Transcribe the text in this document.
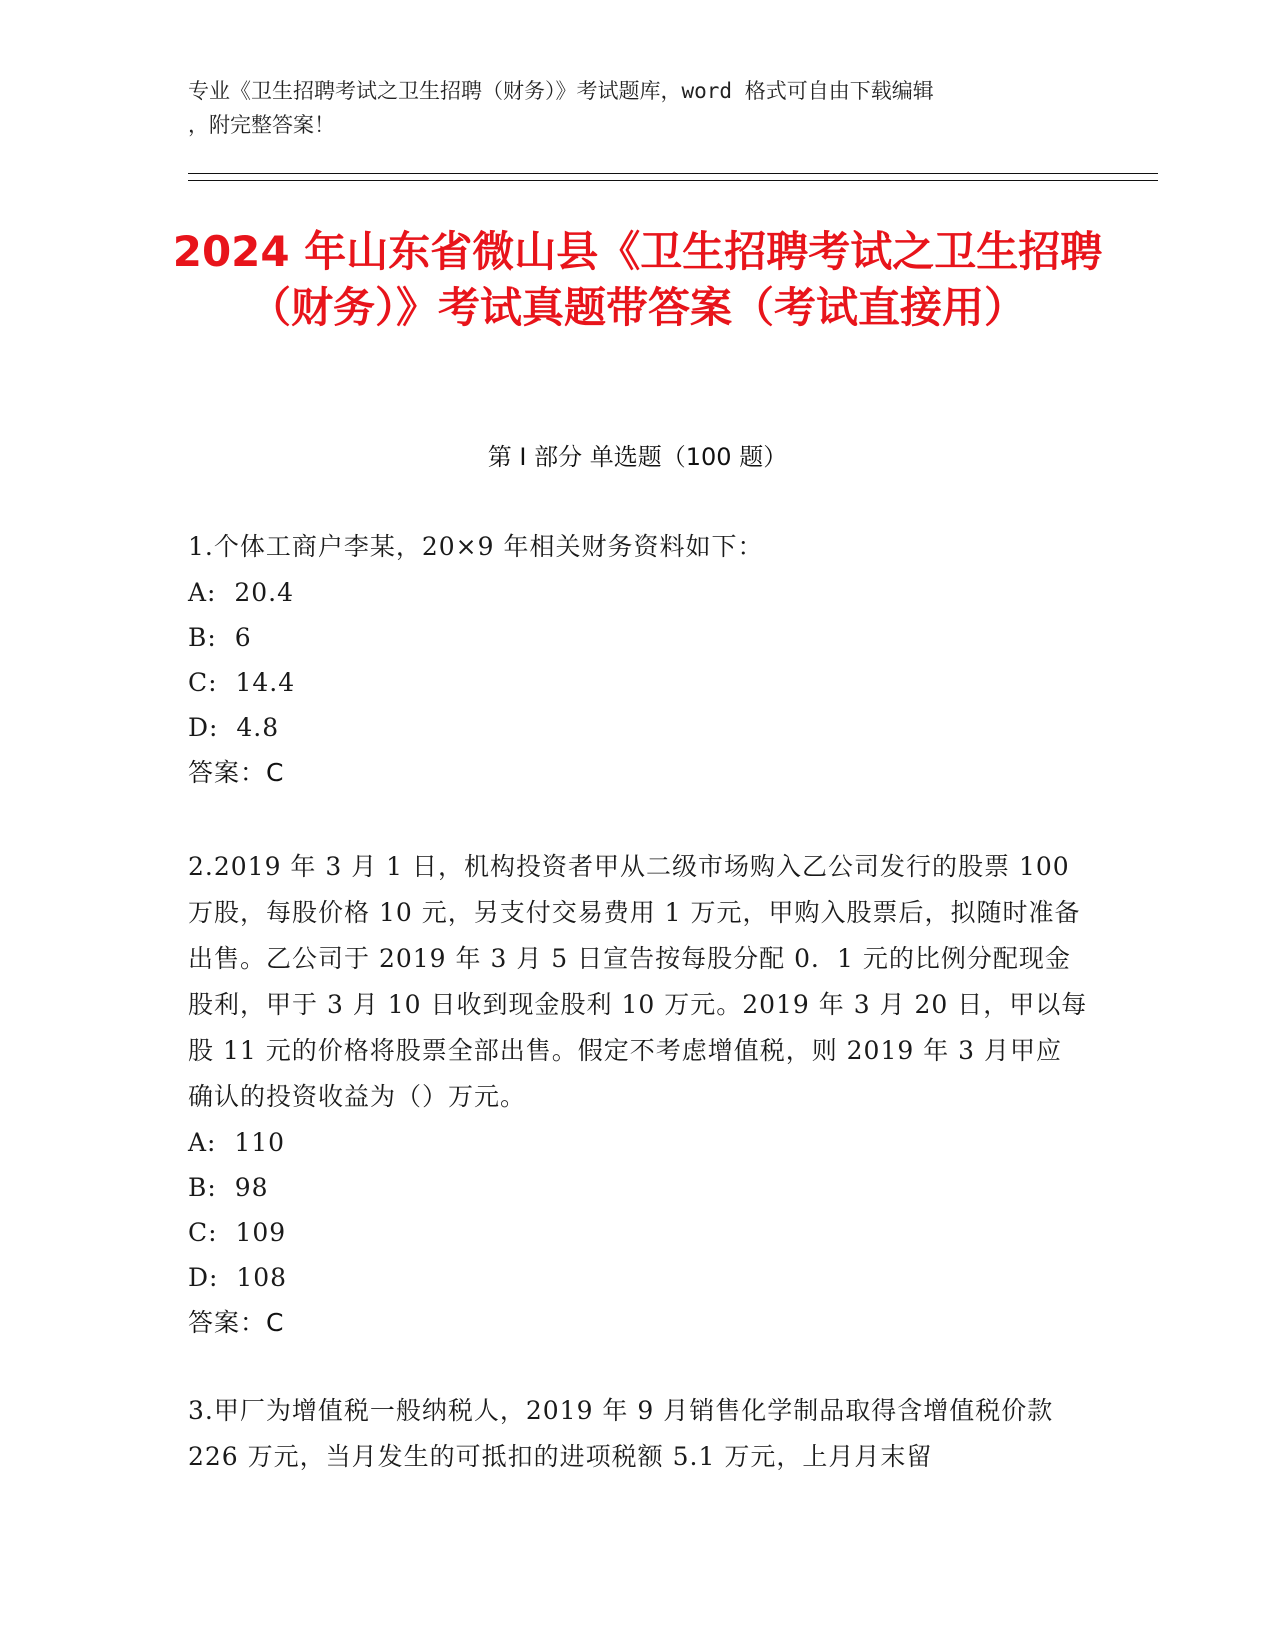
专业《卫生招聘考试之卫生招聘（财务）》考试题库，word 格式可自由下载编辑
，附完整答案！
2024 年山东省微山县《卫生招聘考试之卫生招聘（财务）》考试真题带答案（考试直接用）
第 I 部分 单选题（100 题）

1.个体工商户李某，20×9 年相关财务资料如下：

A:  20.4

B:  6

C:  14.4

D:  4.8

答案：C

2.2019 年 3 月 1 日，机构投资者甲从二级市场购入乙公司发行的股票 100 万股，每股价格 10 元，另支付交易费用 1 万元，甲购入股票后，拟随时准备出售。乙公司于 2019 年 3 月 5 日宣告按每股分配 0．1 元的比例分配现金股利，甲于 3 月 10 日收到现金股利 10 万元。2019 年 3 月 20 日，甲以每股 11 元的价格将股票全部出售。假定不考虑增值税，则 2019 年 3 月甲应确认的投资收益为（）万元。

A:  110

B:  98

C:  109

D:  108

答案：C

3.甲厂为增值税一般纳税人，2019 年 9 月销售化学制品取得含增值税价款 226 万元，当月发生的可抵扣的进项税额 5.1 万元，上月月末留
